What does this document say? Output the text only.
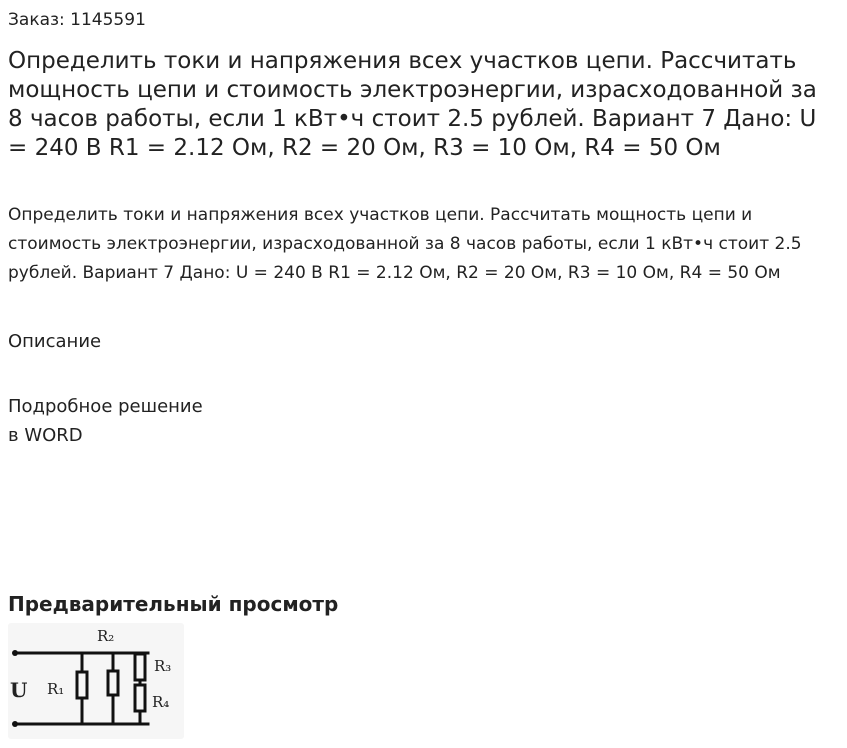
Заказ: 1145591
Определить токи и напряжения всех участков цепи. Рассчитать мощность цепи и стоимость электроэнергии, израсходованной за 8 часов работы, если 1 кВт•ч стоит 2.5 рублей. Вариант 7 Дано: U = 240 В R1 = 2.12 Ом, R2 = 20 Ом, R3 = 10 Ом, R4 = 50 Ом

Определить токи и напряжения всех участков цепи. Рассчитать мощность цепи и стоимость электроэнергии, израсходованной за 8 часов работы, если 1 кВт•ч стоит 2.5 рублей. Вариант 7 Дано: U = 240 В R1 = 2.12 Ом, R2 = 20 Ом, R3 = 10 Ом, R4 = 50 Ом

Описание
Подробное решение
в WORD
Предварительный просмотр
U R₁
R₂
R₃
R₄
